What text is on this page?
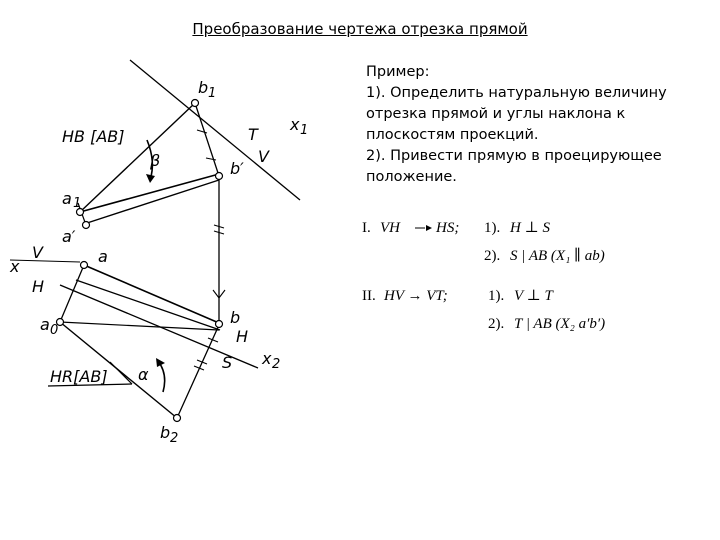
Преобразование чертежа отрезка прямой

Пример:

1). Определить натуральную величину отрезка прямой и углы наклона к плоскостям проекций.

2). Привести прямую в проецирующее положение.

b 1
HB [AB]
β
T
V
x 1
b′
a 1
a′
x
V
H
a
a 0
b
H
S x 2
HR[AB] α
b 2
I. VH HS; 1). H ⊥ S
2). S | AB (X₁ ∥ ab)
II. HV → VT;	1). V ⊥ T
2). T | AB (X₂ a′b′)
